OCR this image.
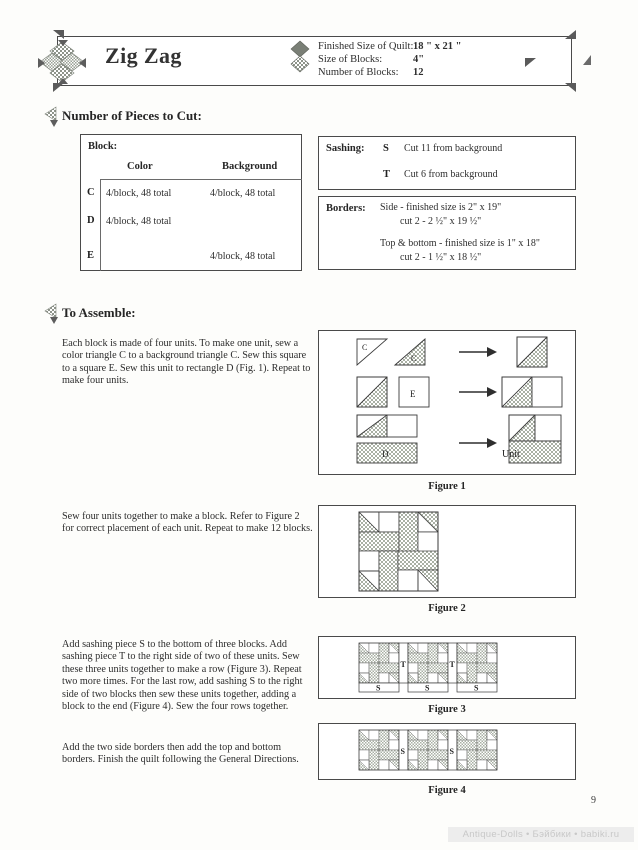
Zig Zag	Finished Size of Quilt:18 " x 21 "
Size of Blocks:	4"
Number of Blocks: 12
Number of Pieces to Cut:
Block:
Color	Background
C 4/block, 48 total	4/block, 48 total
D 4/block, 48 total
E	4/block, 48 total
Sashing: S Cut 11 from background
T Cut 6 from background
Borders: Side - finished size is 2" x 19"
cut 2 - 2 ½" x 19 ½"
Top & bottom - finished size is 1" x 18"
cut 2 - 1 ½" x 18 ½"
To Assemble:
Each block is made of four units. To make one unit, sew a color triangle C to a background triangle C. Sew this square to a square E. Sew this unit to rectangle D (Fig. 1). Repeat to make four units.
Sew four units together to make a block. Refer to Figure 2 for correct placement of each unit. Repeat to make 12 blocks.
Add sashing piece S to the bottom of three blocks. Add sashing piece T to the right side of two of these units. Sew these three units together to make a row (Figure 3). Repeat two more times. For the last row, add sashing S to the right side of two blocks then sew these units together, adding a block to the end (Figure 4). Sew the four rows together.
Add the two side borders then add the top and bottom borders. Finish the quilt following the General Directions.
C
C
E
D	Unit
Figure 1
Figure 2
S
T
S
T
S
Figure 3
S	S
Figure 4
9
Antique-Dolls • Бэйбики • babiki.ru
